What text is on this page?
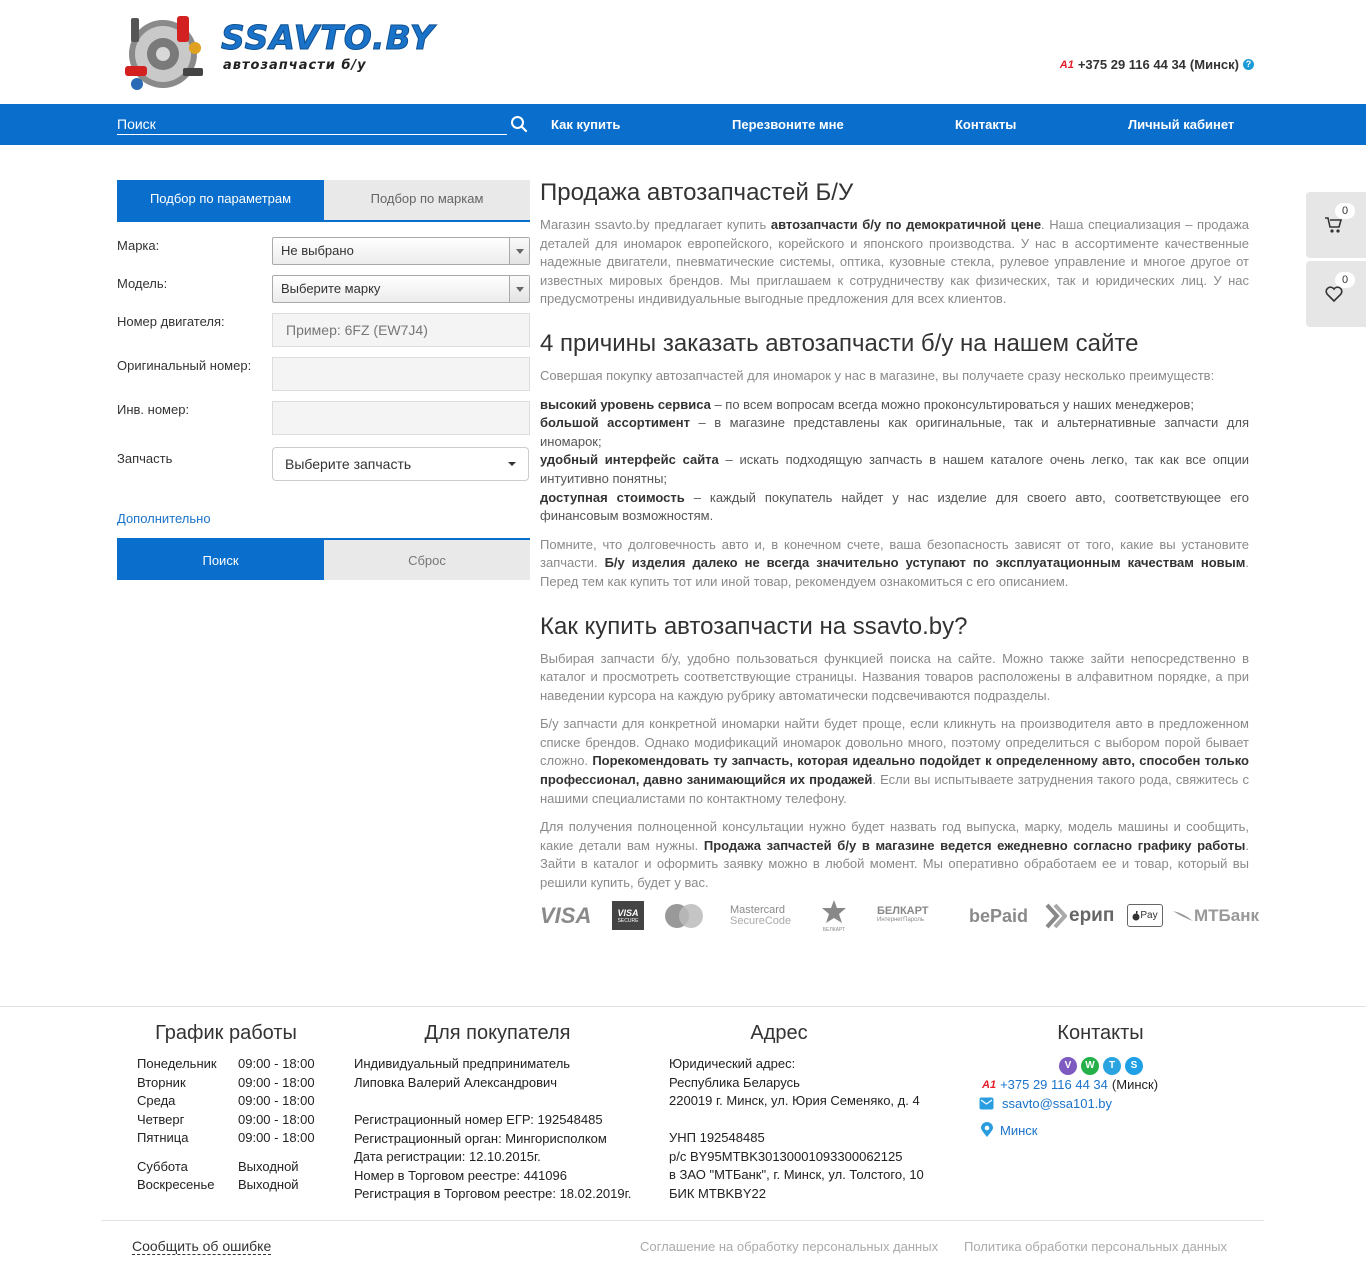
SSAVTO.BY
автозапчасти б/у	A1 +375 29 116 44 34 (Минск) ?
Поиск
Как купить	Перезвоните мне	Контакты	Личный кабинет
0
0
Подбор по параметрам	Подбор по маркам
Марка:	Не выбрано
Модель:	Выберите марку
Номер двигателя:
Пример: 6FZ (EW7J4)
Оригинальный номер:
Инв. номер:
Запчасть	Выберите запчасть
Дополнительно
Поиск	Сброс
Продажа автозапчастей Б/У

Магазин ssavto.by предлагает купить автозапчасти б/у по демократичной цене. Наша специализация – продажа деталей для иномарок европейского, корейского и японского производства. У нас в ассортименте качественные надежные двигатели, пневматические системы, оптика, кузовные стекла, рулевое управление и многое другое от известных мировых брендов. Мы приглашаем к сотрудничеству как физических, так и юридических лиц. У нас предусмотрены индивидуальные выгодные предложения для всех клиентов.

4 причины заказать автозапчасти б/у на нашем сайте

Совершая покупку автозапчастей для иномарок у нас в магазине, вы получаете сразу несколько преимуществ:

высокий уровень сервиса – по всем вопросам всегда можно проконсультироваться у наших менеджеров;

большой ассортимент – в магазине представлены как оригинальные, так и альтернативные запчасти для иномарок;

удобный интерфейс сайта – искать подходящую запчасть в нашем каталоге очень легко, так как все опции интуитивно понятны;

доступная стоимость – каждый покупатель найдет у нас изделие для своего авто, соответствующее его финансовым возможностям.

Помните, что долговечность авто и, в конечном счете, ваша безопасность зависят от того, какие вы установите запчасти. Б/у изделия далеко не всегда значительно уступают по эксплуатационным качествам новым. Перед тем как купить тот или иной товар, рекомендуем ознакомиться с его описанием.

Как купить автозапчасти на ssavto.by?

Выбирая запчасти б/у, удобно пользоваться функцией поиска на сайте. Можно также зайти непосредственно в каталог и просмотреть соответствующие страницы. Названия товаров расположены в алфавитном порядке, а при наведении курсора на каждую рубрику автоматически подсвечиваются подразделы.

Б/у запчасти для конкретной иномарки найти будет проще, если кликнуть на производителя авто в предложенном списке брендов. Однако модификаций иномарок довольно много, поэтому определиться с выбором порой бывает сложно. Порекомендовать ту запчасть, которая идеально подойдет к определенному авто, способен только профессионал, давно занимающийся их продажей. Если вы испытываете затруднения такого рода, свяжитесь с нашими специалистами по контактному телефону.

Для получения полноценной консультации нужно будет назвать год выпуска, марку, модель машины и сообщить, какие детали вам нужны. Продажа запчастей б/у в магазине ведется ежедневно согласно графику работы. Зайти в каталог и оформить заявку можно в любой момент. Мы оперативно обработаем ее и товар, который вы решили купить, будет у вас.

VISA	VISA
SECURE
Mastercard
SecureCode
БЕЛКАРТ
БЕЛКАРТ
ИнтернетПароль	bePaid ерип	Pay МТБанк
График работы
Понедельник 09:00 - 18:00
Вторник	09:00 - 18:00
Среда	09:00 - 18:00
Четверг	09:00 - 18:00
Пятница	09:00 - 18:00
Суббота	Выходной
Воскресенье Выходной
Для покупателя
Индивидуальный предприниматель
Липовка Валерий Александрович
Регистрационный номер ЕГР: 192548485
Регистрационный орган: Мингорисполком
Дата регистрации: 12.10.2015г.
Номер в Торговом реестре: 441096
Регистрация в Торговом реестре: 18.02.2019г.
Адрес
Юридический адрес:
Республика Беларусь
220019 г. Минск, ул. Юрия Семеняко, д. 4
УНП 192548485
р/с BY95MTBK30130001093300062125
в ЗАО "МТБанк", г. Минск, ул. Толстого, 10
БИК MTBKBY22
Контакты
V	W	T	S
A1 +375 29 116 44 34 (Минск)
ssavto@ssa101.by
Минск
Сообщить об ошибке	Соглашение на обработку персональных данных Политика обработки персональных данных
